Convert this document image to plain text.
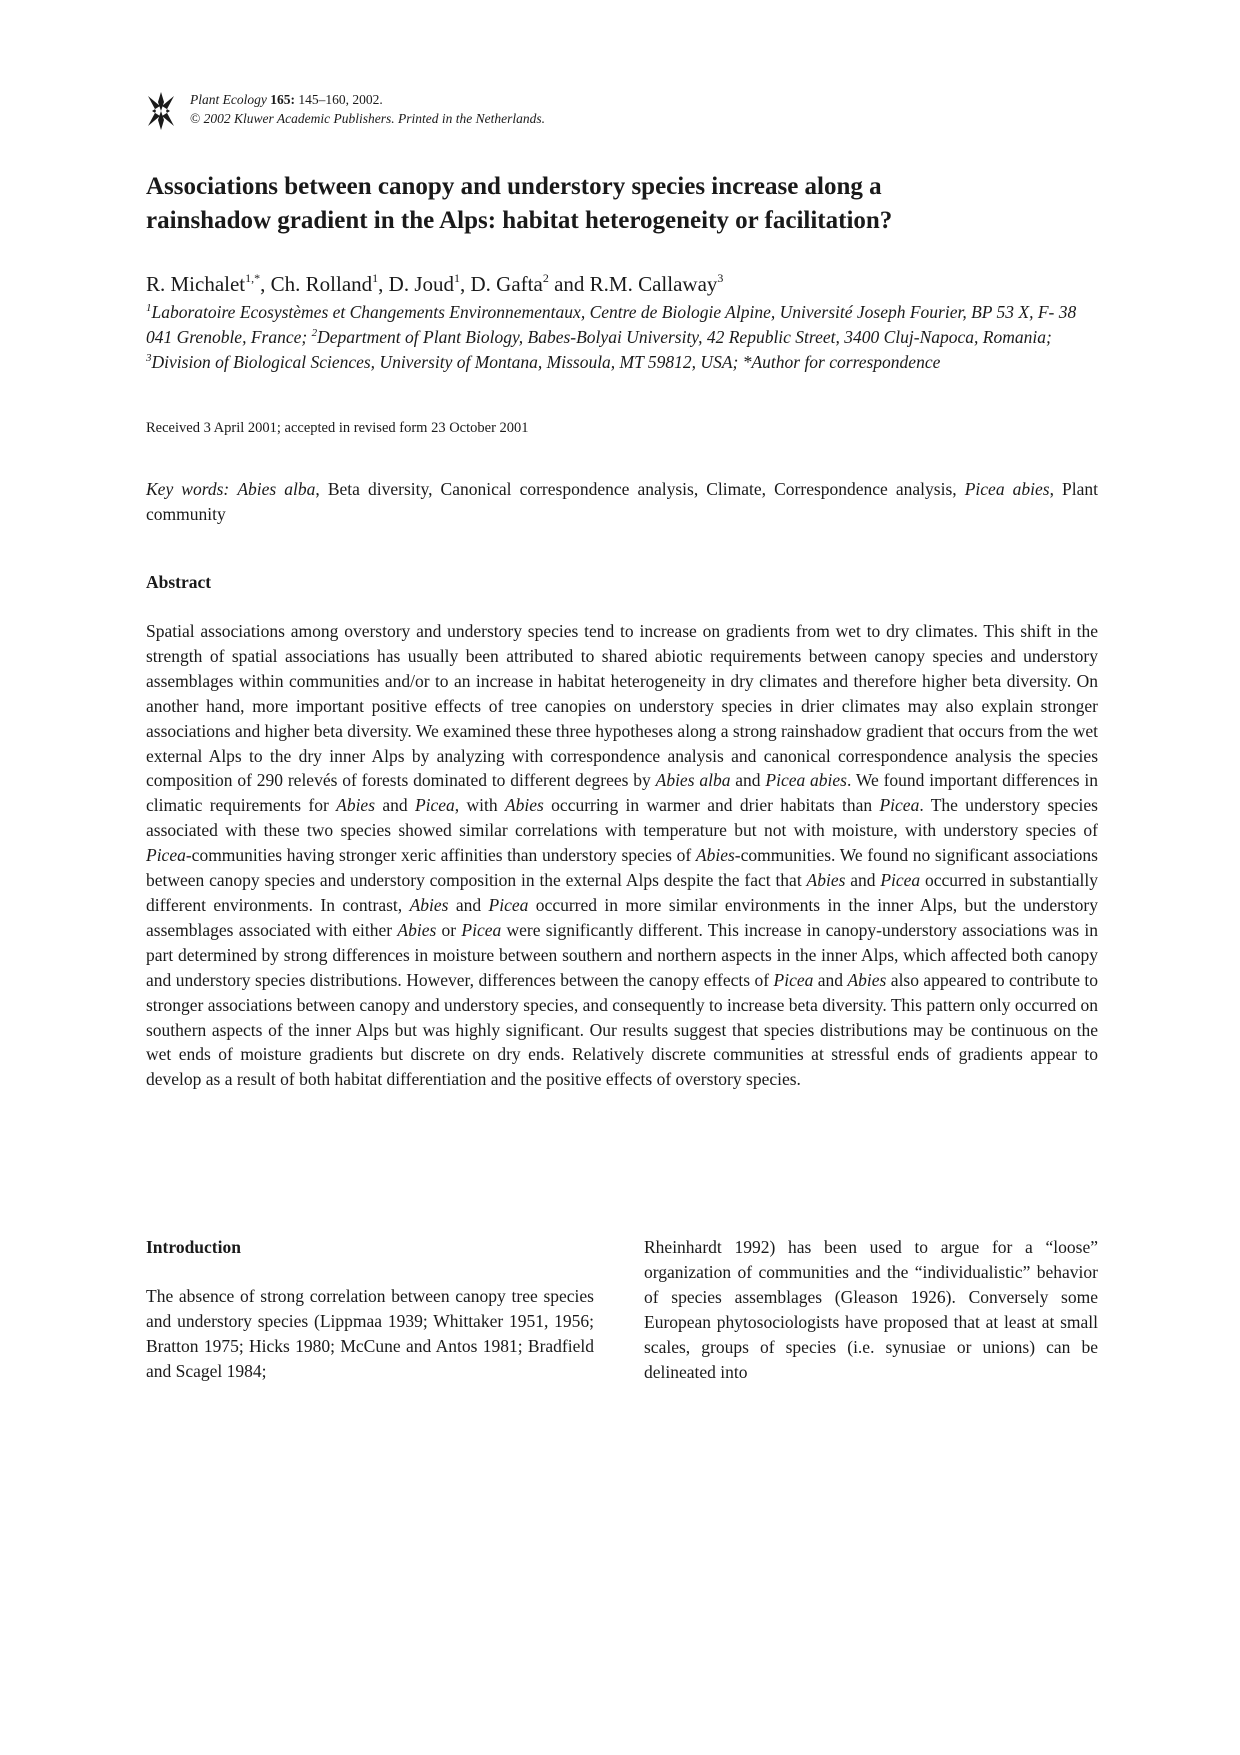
Plant Ecology 165: 145–160, 2002.
© 2002 Kluwer Academic Publishers. Printed in the Netherlands.
Associations between canopy and understory species increase along a
rainshadow gradient in the Alps: habitat heterogeneity or facilitation?
R. Michalet$^{1,*}$, Ch. Rolland$^1$, D. Joud$^1$, D. Gafta$^2$ and R.M. Callaway$^3$
$^1$Laboratoire Ecosystèmes et Changements Environnementaux, Centre de Biologie Alpine, Université Joseph Fourier, BP 53 X, F- 38 041 Grenoble, France; $^2$Department of Plant Biology, Babes-Bolyai University, 42 Republic Street, 3400 Cluj-Napoca, Romania; $^3$Division of Biological Sciences, University of Montana, Missoula, MT 59812, USA; *Author for correspondence
Received 3 April 2001; accepted in revised form 23 October 2001
Key words: Abies alba, Beta diversity, Canonical correspondence analysis, Climate, Correspondence analysis, Picea abies, Plant community
Abstract

Spatial associations among overstory and understory species tend to increase on gradients from wet to dry climates. This shift in the strength of spatial associations has usually been attributed to shared abiotic requirements between canopy species and understory assemblages within communities and/or to an increase in habitat heterogeneity in dry climates and therefore higher beta diversity. On another hand, more important positive effects of tree canopies on understory species in drier climates may also explain stronger associations and higher beta diversity. We examined these three hypotheses along a strong rainshadow gradient that occurs from the wet external Alps to the dry inner Alps by analyzing with correspondence analysis and canonical correspondence analysis the species composition of 290 relevés of forests dominated to different degrees by Abies alba and Picea abies. We found important differences in climatic requirements for Abies and Picea, with Abies occurring in warmer and drier habitats than Picea. The understory species associated with these two species showed similar correlations with temperature but not with moisture, with understory species of Picea-communities having stronger xeric affinities than understory species of Abies-communities. We found no significant associations between canopy species and understory composition in the external Alps despite the fact that Abies and Picea occurred in substantially different environments. In contrast, Abies and Picea occurred in more similar environments in the inner Alps, but the understory assemblages associated with either Abies or Picea were significantly different. This increase in canopy-understory associations was in part determined by strong differences in moisture between southern and northern aspects in the inner Alps, which affected both canopy and understory species distributions. However, differences between the canopy effects of Picea and Abies also appeared to contribute to stronger associations between canopy and understory species, and consequently to increase beta diversity. This pattern only occurred on southern aspects of the inner Alps but was highly significant. Our results suggest that species distributions may be continuous on the wet ends of moisture gradients but discrete on dry ends. Relatively discrete communities at stressful ends of gradients appear to develop as a result of both habitat differentiation and the positive effects of overstory species.

Introduction

The absence of strong correlation between canopy tree species and understory species (Lippmaa 1939; Whittaker 1951, 1956; Bratton 1975; Hicks 1980; McCune and Antos 1981; Bradfield and Scagel 1984;

Rheinhardt 1992) has been used to argue for a “loose” organization of communities and the “individualistic” behavior of species assemblages (Gleason 1926). Conversely some European phytosociologists have proposed that at least at small scales, groups of species (i.e. synusiae or unions) can be delineated into
